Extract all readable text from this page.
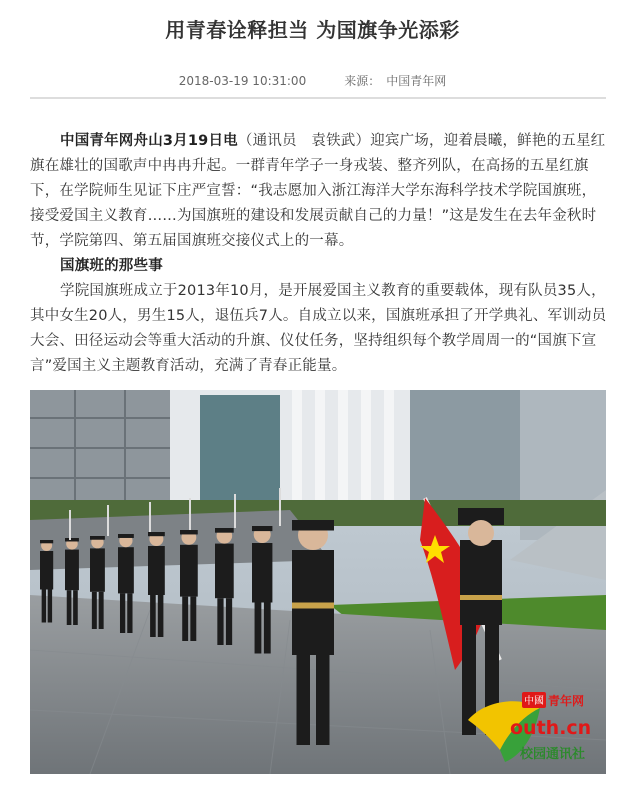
用青春诠释担当 为国旗争光添彩
2018-03-19 10:31:00	来源： 中国青年网

中国青年网舟山3月19日电（通讯员　袁铁武）迎宾广场，迎着晨曦，鲜艳的五星红旗在雄壮的国歌声中冉冉升起。一群青年学子一身戎装、整齐列队，在高扬的五星红旗下，在学院师生见证下庄严宣誓：“我志愿加入浙江海洋大学东海科学技术学院国旗班，接受爱国主义教育……为国旗班的建设和发展贡献自己的力量！”这是发生在去年金秋时节，学院第四、第五届国旗班交接仪式上的一幕。

国旗班的那些事

学院国旗班成立于2013年10月，是开展爱国主义教育的重要载体，现有队员35人，其中女生20人，男生15人，退伍兵7人。自成立以来，国旗班承担了开学典礼、军训动员大会、田径运动会等重大活动的升旗、仪仗任务，坚持组织每个教学周周一的“国旗下宣言”爱国主义主题教育活动，充满了青春正能量。

中國 青年网
outh.cn
校园通讯社
